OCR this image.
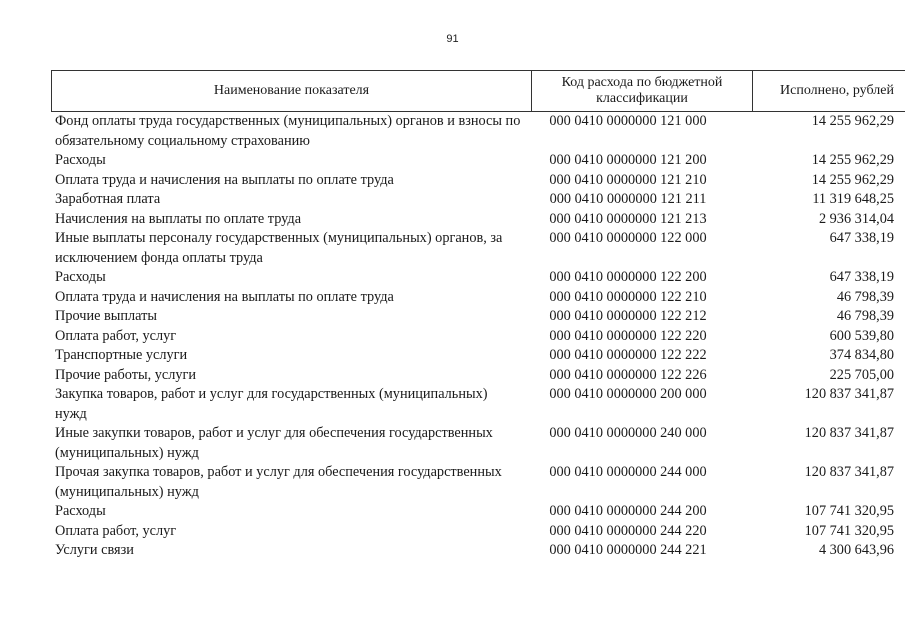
91
Наименование показателя	Код расхода по бюджетной классификации	Исполнено, рублей
Фонд оплаты труда государственных (муниципальных) органов и взносы по обязательному социальному страхованию
000 0410 0000000 121 000	14 255 962,29
Расходы	000 0410 0000000 121 200	14 255 962,29
Оплата труда и начисления на выплаты по оплате труда	000 0410 0000000 121 210	14 255 962,29
Заработная плата	000 0410 0000000 121 211	11 319 648,25
Начисления на выплаты по оплате труда	000 0410 0000000 121 213	2 936 314,04
Иные выплаты персоналу государственных (муниципальных) органов, за исключением фонда оплаты труда
000 0410 0000000 122 000	647 338,19
Расходы	000 0410 0000000 122 200	647 338,19
Оплата труда и начисления на выплаты по оплате труда	000 0410 0000000 122 210	46 798,39
Прочие выплаты	000 0410 0000000 122 212	46 798,39
Оплата работ, услуг	000 0410 0000000 122 220	600 539,80
Транспортные услуги	000 0410 0000000 122 222	374 834,80
Прочие работы, услуги	000 0410 0000000 122 226	225 705,00
Закупка товаров, работ и услуг для государственных (муниципальных) нужд
000 0410 0000000 200 000	120 837 341,87
Иные закупки товаров, работ и услуг для обеспечения государственных (муниципальных) нужд
000 0410 0000000 240 000	120 837 341,87
Прочая закупка товаров, работ и услуг для обеспечения государственных (муниципальных) нужд
000 0410 0000000 244 000	120 837 341,87
Расходы	000 0410 0000000 244 200	107 741 320,95
Оплата работ, услуг	000 0410 0000000 244 220	107 741 320,95
Услуги связи	000 0410 0000000 244 221	4 300 643,96
